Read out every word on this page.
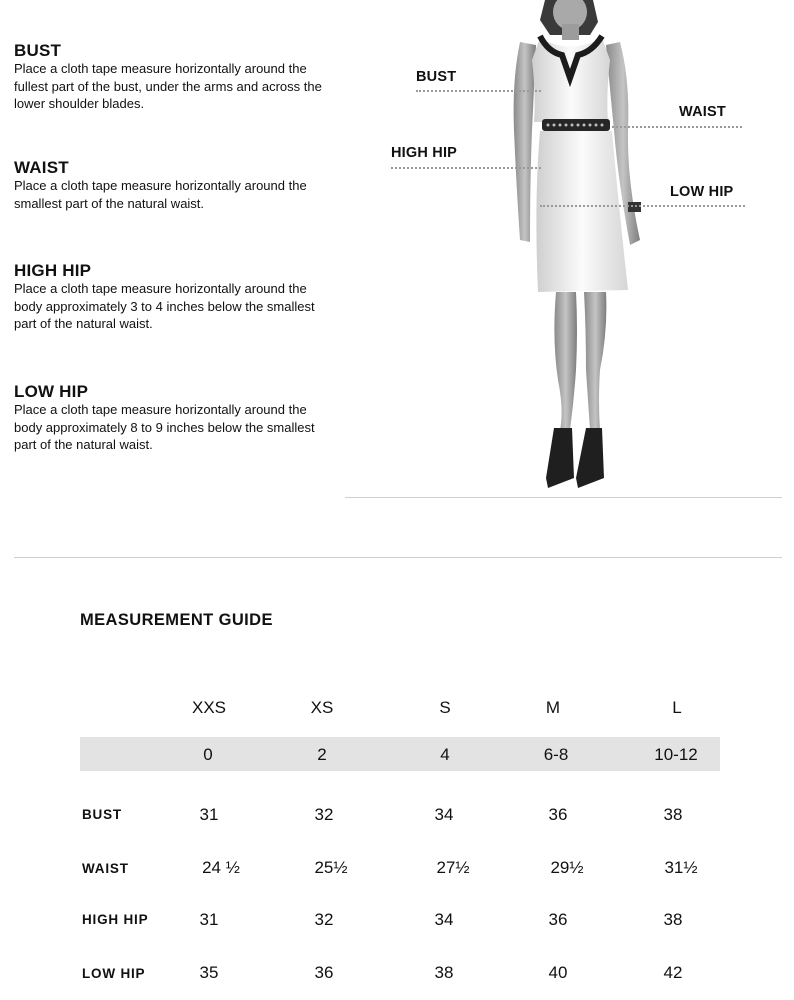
BUST

Place a cloth tape measure horizontally around the fullest part of the bust, under the arms and across the lower shoulder blades.

WAIST

Place a cloth tape measure horizontally around the smallest part of the natural waist.

HIGH HIP

Place a cloth tape measure horizontally around the body approximately 3 to 4 inches below the smallest part of the natural waist.

LOW HIP

Place a cloth tape measure horizontally around the body approximately 8 to 9 inches below the smallest part of the natural waist.

BUST
WAIST
HIGH HIP
LOW HIP
MEASUREMENT GUIDE
XXS	XS	S	M	L
0	2	4	6-8	10-12
BUST	31	32	34	36	38
WAIST	24 ½	25½	27½	29½	31½
HIGH HIP	31	32	34	36	38
LOW HIP	35	36	38	40	42
